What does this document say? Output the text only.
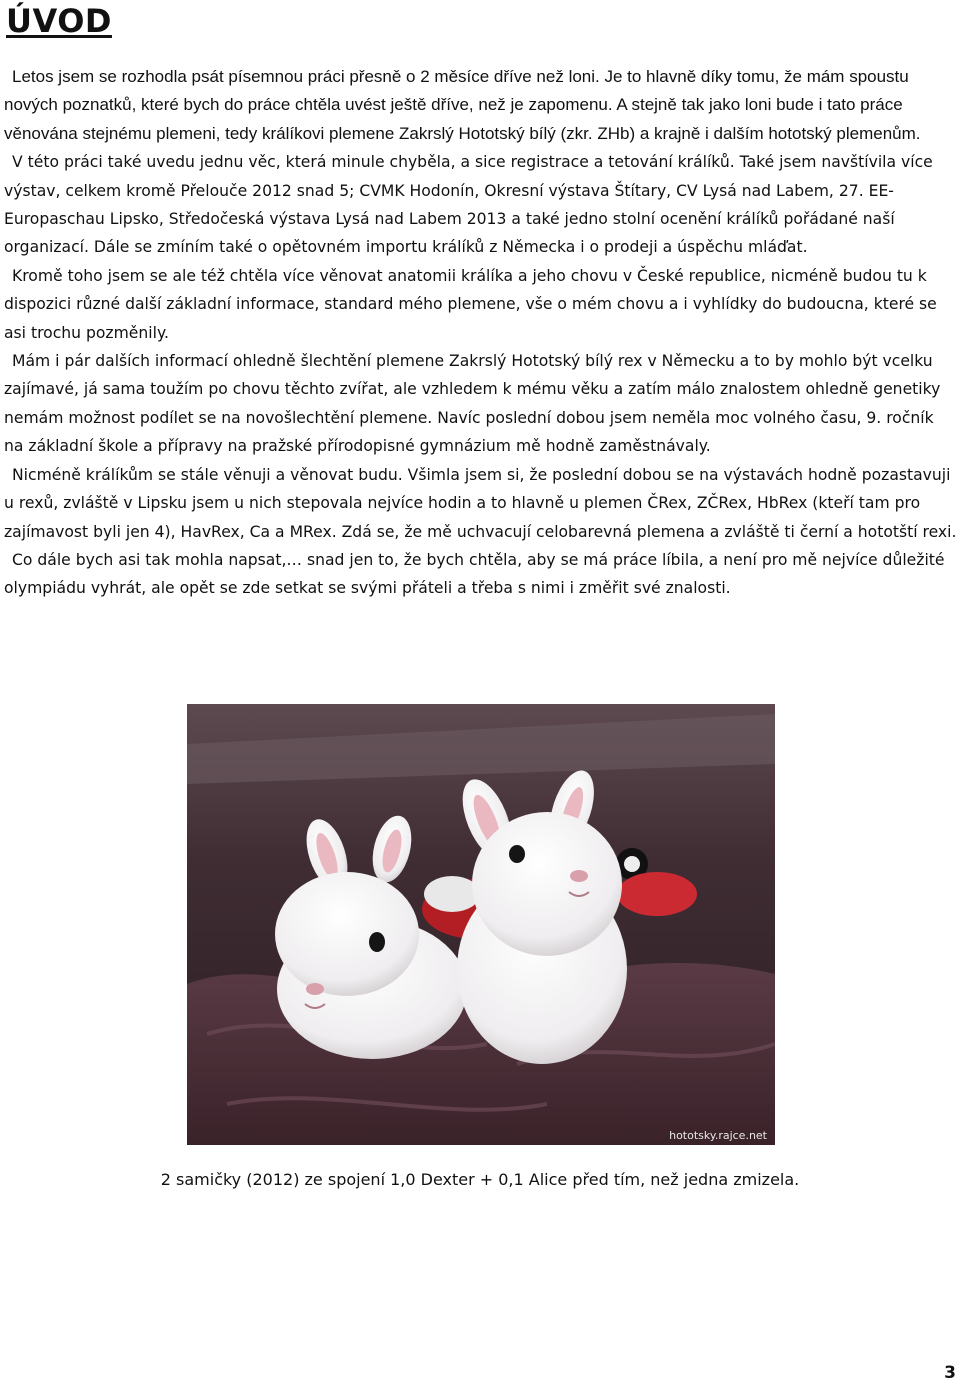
ÚVOD

Letos jsem se rozhodla psát písemnou práci přesně o 2 měsíce dříve než loni. Je to hlavně díky tomu, že mám spoustu nových poznatků, které bych do práce chtěla uvést ještě dříve, než je zapomenu. A stejně tak jako loni bude i tato práce věnována stejnému plemeni, tedy králíkovi plemene Zakrslý Hototský bílý (zkr. ZHb) a krajně i dalším hototský plemenům.

V této práci také uvedu jednu věc, která minule chyběla, a sice registrace a tetování králíků. Také jsem navštívila více výstav, celkem kromě Přelouče 2012 snad 5; CVMK Hodonín, Okresní výstava Štítary, CV Lysá nad Labem, 27. EE-Europaschau Lipsko, Středočeská výstava Lysá nad Labem 2013 a také jedno stolní ocenění králíků pořádané naší organizací. Dále se zmíním také o opětovném importu králíků z Německa i o prodeji a úspěchu mláďat.

Kromě toho jsem se ale též chtěla více věnovat anatomii králíka a jeho chovu v České republice, nicméně budou tu k dispozici různé další základní informace, standard mého plemene, vše o mém chovu a i vyhlídky do budoucna, které se asi trochu pozměnily.

Mám i pár dalších informací ohledně šlechtění plemene Zakrslý Hototský bílý rex v Německu a to by mohlo být vcelku zajímavé, já sama toužím po chovu těchto zvířat, ale vzhledem k mému věku a zatím málo znalostem ohledně genetiky nemám možnost podílet se na novošlechtění plemene. Navíc poslední dobou jsem neměla moc volného času, 9. ročník na základní škole a přípravy na pražské přírodopisné gymnázium mě hodně zaměstnávaly.

Nicméně králíkům se stále věnuji a věnovat budu. Všimla jsem si, že poslední dobou se na výstavách hodně pozastavuji u rexů, zvláště v Lipsku jsem u nich stepovala nejvíce hodin a to hlavně u plemen ČRex, ZČRex, HbRex (kteří tam pro zajímavost byli jen 4), HavRex, Ca a MRex. Zdá se, že mě uchvacují celobarevná plemena a zvláště ti černí a hototští rexi.

Co dále bych asi tak mohla napsat,… snad jen to, že bych chtěla, aby se má práce líbila, a není pro mě nejvíce důležité olympiádu vyhrát, ale opět se zde setkat se svými přáteli a třeba s nimi i změřit své znalosti.

hototsky.rajce.net

2 samičky (2012) ze spojení 1,0 Dexter + 0,1 Alice před tím, než jedna zmizela.

3
